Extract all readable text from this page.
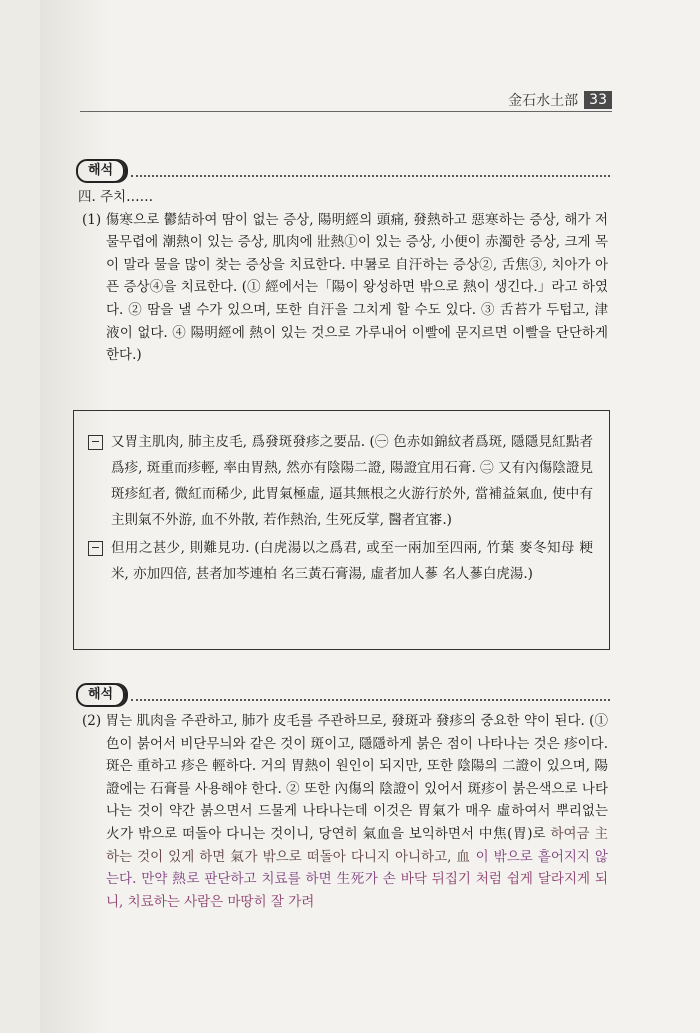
金石水土部 33
해석

四. 주치……

(1) 傷寒으로 鬱結하여 땀이 없는 증상, 陽明經의 頭痛, 發熱하고 惡寒하는 증상, 해가 저물무렵에 潮熱이 있는 증상, 肌肉에 壯熱①이 있는 증상, 小便이 赤濁한 증상, 크게 목이 말라 물을 많이 찾는 증상을 치료한다. 中暑로 自汗하는 증상②, 舌焦③, 치아가 아픈 증상④을 치료한다. (① 經에서는「陽이 왕성하면 밖으로 熱이 생긴다.」라고 하였다. ② 땀을 낼 수가 있으며, 또한 自汗을 그치게 할 수도 있다. ③ 舌苔가 두텁고, 津液이 없다. ④ 陽明經에 熱이 있는 것으로 가루내어 이빨에 문지르면 이빨을 단단하게 한다.)

又胃主肌肉, 肺主皮毛, 爲發斑發疹之要品. (㊀ 色赤如錦紋者爲斑, 隱隱見紅點者爲疹, 斑重而疹輕, 率由胃熱, 然亦有陰陽二證, 陽證宜用石膏. ㊁ 又有內傷陰證見斑疹紅者, 微紅而稀少, 此胃氣極虛, 逼其無根之火游行於外, 當補益氣血, 使中有主則氣不外游, 血不外散, 若作熱治, 生死反掌, 醫者宜審.)
但用之甚少, 則難見功. (白虎湯以之爲君, 或至一兩加至四兩, 竹葉 麥冬知母 粳米, 亦加四倍, 甚者加芩連柏 名三黃石膏湯, 虛者加人蔘 名人蔘白虎湯.)
해석

(2) 胃는 肌肉을 주관하고, 肺가 皮毛를 주관하므로, 發斑과 發疹의 중요한 약이 된다. (① 色이 붉어서 비단무늬와 같은 것이 斑이고, 隱隱하게 붉은 점이 나타나는 것은 疹이다. 斑은 重하고 疹은 輕하다. 거의 胃熱이 원인이 되지만, 또한 陰陽의 二證이 있으며, 陽證에는 石膏를 사용해야 한다. ② 또한 內傷의 陰證이 있어서 斑疹이 붉은색으로 나타나는 것이 약간 붉으면서 드물게 나타나는데 이것은 胃氣가 매우 虛하여서 뿌리없는 火가 밖으로 떠돌아 다니는 것이니, 당연히 氣血을 보익하면서 中焦(胃)로 하여금 主하는 것이 있게 하면 氣가 밖으로 떠돌아 다니지 아니하고, 血 이 밖으로 흩어지지 않는다. 만약 熱로 판단하고 치료를 하면 生死가 손 바닥 뒤집기 처럼 쉽게 달라지게 되니, 치료하는 사람은 마땅히 잘 가려
